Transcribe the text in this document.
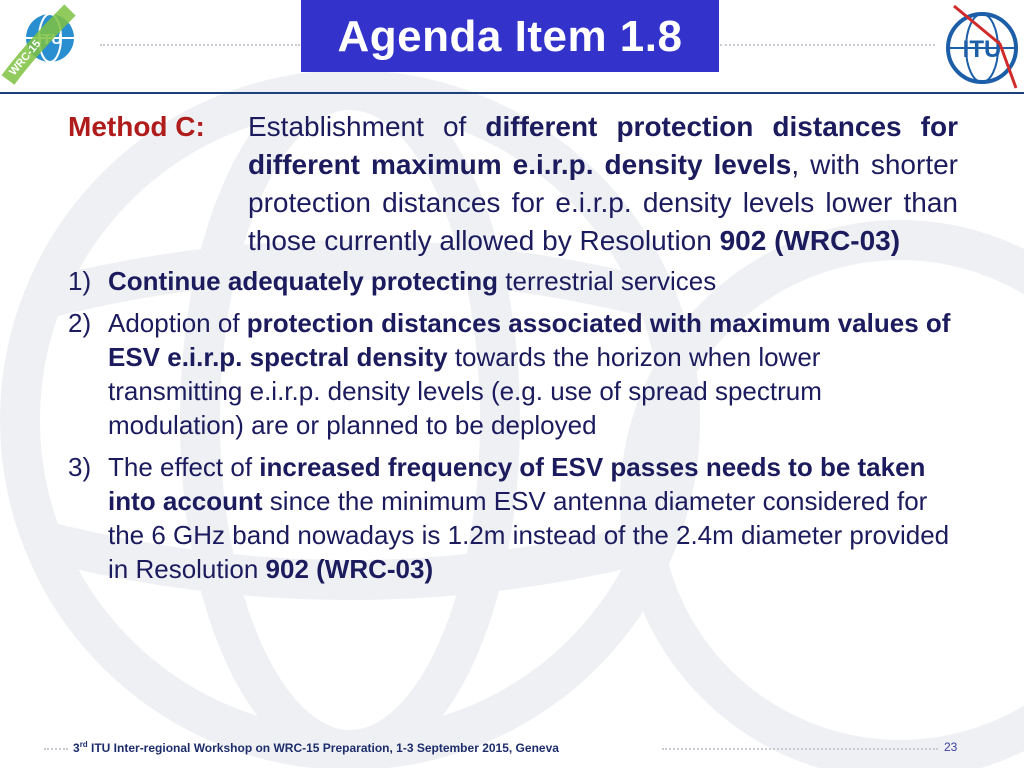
ITU
WRC-15	Agenda Item 1.8	ITU
Method C:	Establishment of different protection distances for different maximum e.i.r.p. density levels, with shorter protection distances for e.i.r.p. density levels lower than those currently allowed by Resolution 902 (WRC-03)
1) Continue adequately protecting terrestrial services
2) Adoption of protection distances associated with maximum values of ESV e.i.r.p. spectral density towards the horizon when lower transmitting e.i.r.p. density levels (e.g. use of spread spectrum modulation) are or planned to be deployed
3) The effect of increased frequency of ESV passes needs to be taken into account since the minimum ESV antenna diameter considered for the 6 GHz band nowadays is 1.2m instead of the 2.4m diameter provided in Resolution 902 (WRC-03)
3rd ITU Inter-regional Workshop on WRC-15 Preparation, 1-3 September 2015, Geneva	23
